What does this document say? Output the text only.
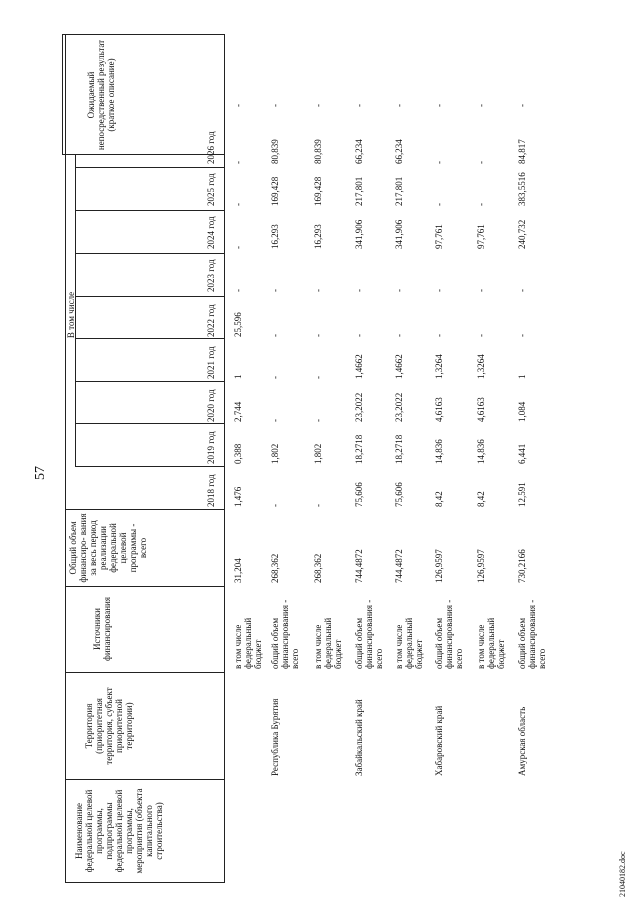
57
21040182.doc
Наименование федеральной целевой программы, подпрограммы федеральной целевой программы, мероприятия (объекта капитального строительства)
Территория (приоритетная территория, субъект приоритетной территории)
Источники финансирования
Общий объем финансиро- вания за весь период реализации федеральной целевой программы - всего
В том числе
Ожидаемый непосредственный результат (краткое описание)
2018 год
2019 год
2020 год
2021 год
2022 год
2023 год
2024 год
2025 год
2026 год
в том числе федеральный бюджет
31,204
1,476
0,388
2,744
1
25,596
-
-
-
-
-
Республика Бурятия
общий объем финансирования - всего
268,362
-
1,802
-
-
-
-
16,293
169,428
80,839
-
в том числе федеральный бюджет
268,362
-
1,802
-
-
-
-
16,293
169,428
80,839
-
Забайкальский край
общий объем финансирования - всего
744,4872
75,606
18,2718
23,2022
1,4662
-
-
341,906
217,801
66,234
-
в том числе федеральный бюджет
744,4872
75,606
18,2718
23,2022
1,4662
-
-
341,906
217,801
66,234
-
Хабаровский край
общий объем финансирования - всего
126,9597
8,42
14,836
4,6163
1,3264
-
-
97,761
-
-
-
в том числе федеральный бюджет
126,9597
8,42
14,836
4,6163
1,3264
-
-
97,761
-
-
-
Амурская область
общий объем финансирования - всего
730,2166
12,591
6,441
1,084
1
-
-
240,732
383,5516
84,817
-
